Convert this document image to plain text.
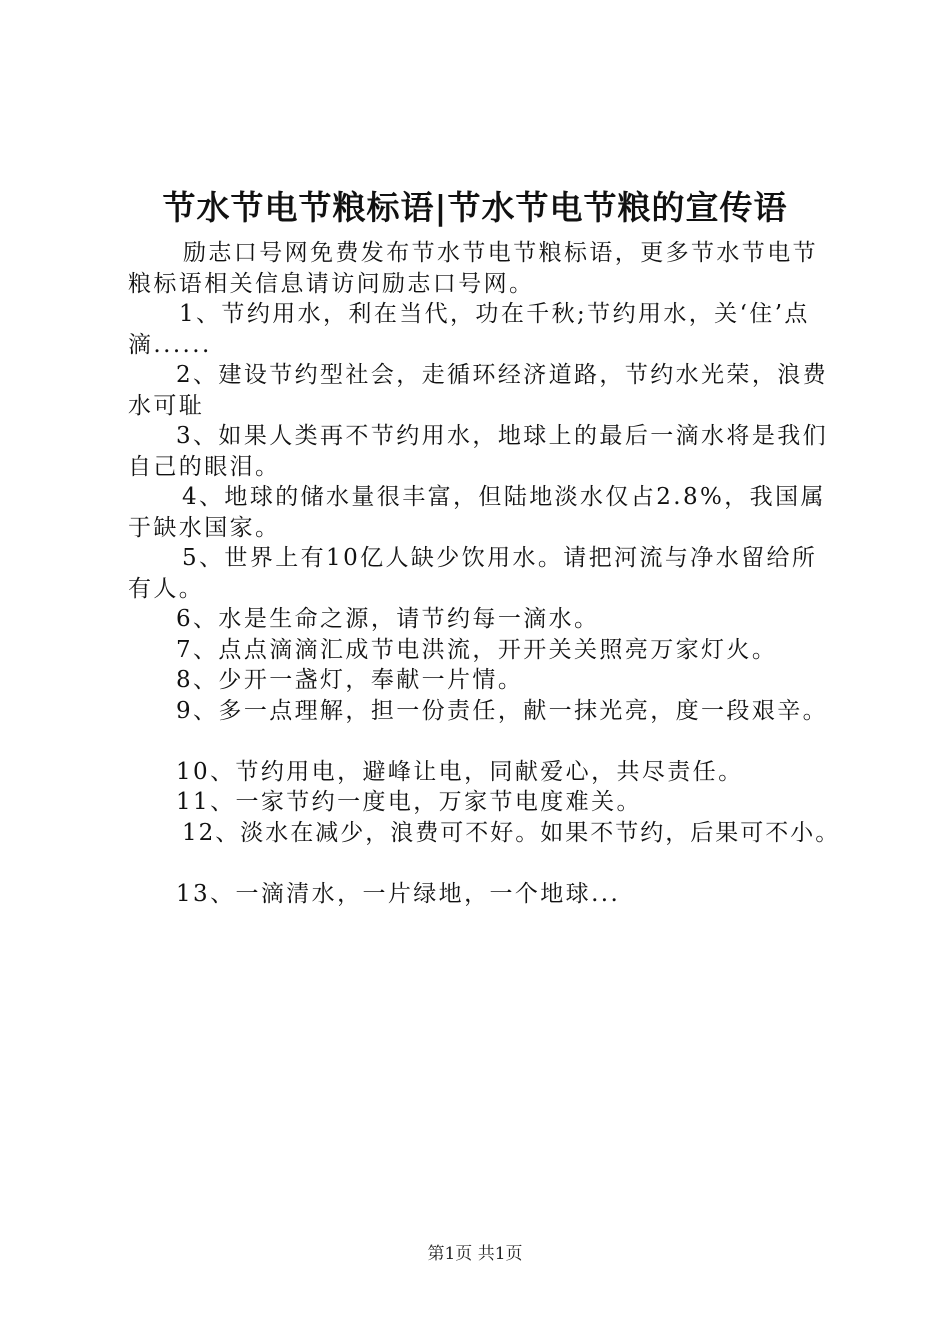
节水节电节粮标语|节水节电节粮的宣传语

励志口号网免费发布节水节电节粮标语，更多节水节电节粮标语相关信息请访问励志口号网。

1、节约用水，利在当代，功在千秋;节约用水，关‘住’点滴......

2、建设节约型社会，走循环经济道路，节约水光荣，浪费水可耻

3、如果人类再不节约用水，地球上的最后一滴水将是我们自己的眼泪。

4、地球的储水量很丰富，但陆地淡水仅占2.8%，我国属于缺水国家。

5、世界上有10亿人缺少饮用水。请把河流与净水留给所有人。

6、水是生命之源，请节约每一滴水。

7、点点滴滴汇成节电洪流，开开关关照亮万家灯火。

8、少开一盏灯，奉献一片情。

9、多一点理解，担一份责任，献一抹光亮，度一段艰辛。

10、节约用电，避峰让电，同献爱心，共尽责任。

11、一家节约一度电，万家节电度难关。

12、淡水在减少，浪费可不好。如果不节约，后果可不小。

13、一滴清水，一片绿地，一个地球...

第1页 共1页
